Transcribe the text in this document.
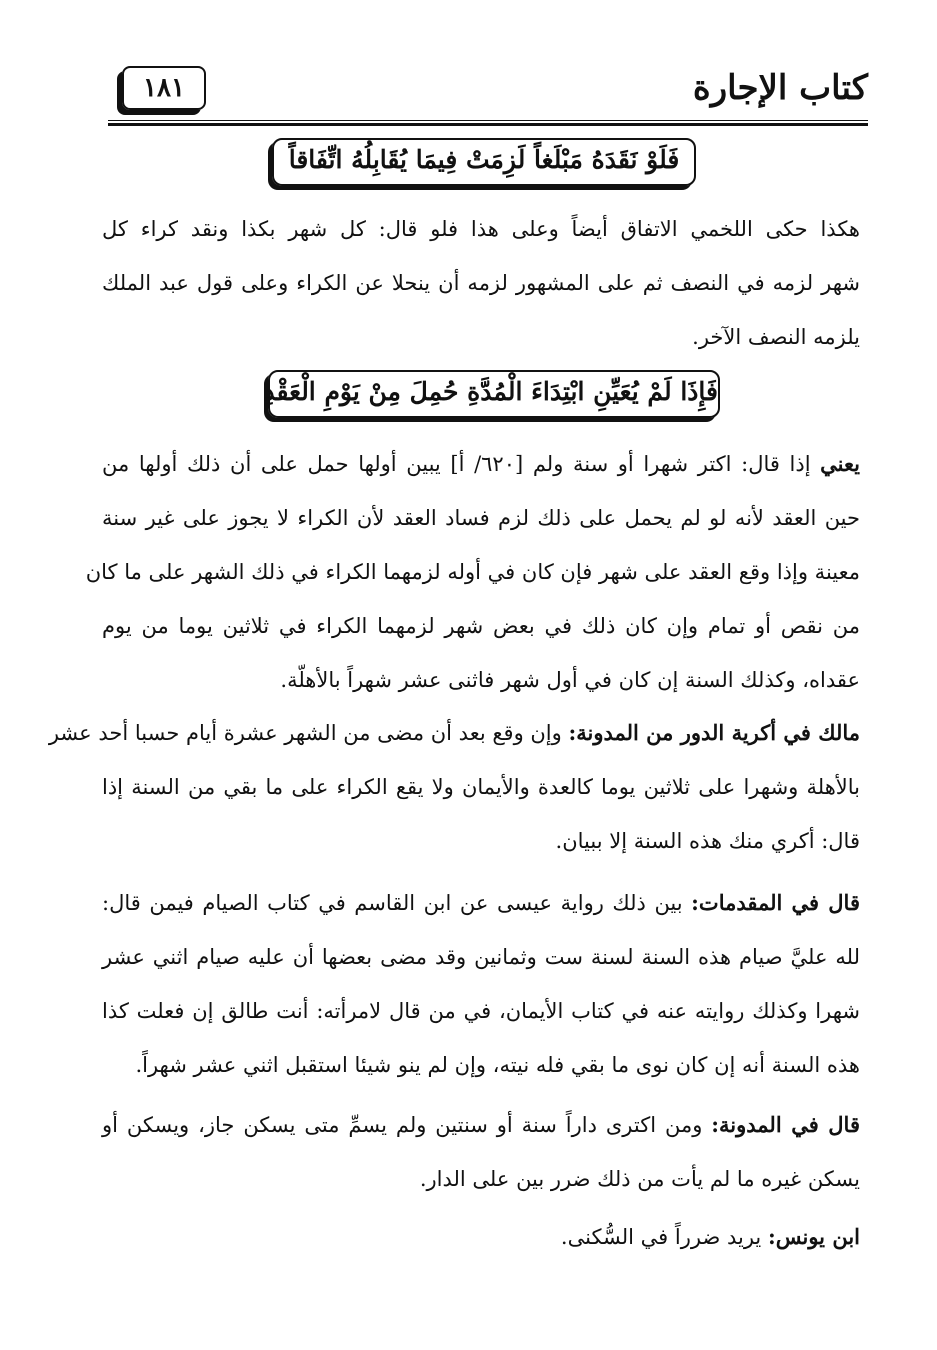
١٨١	كتاب الإجارة
فَلَوْ نَقَدَهُ مَبْلَغاً لَزِمَتْ فِيمَا يُقَابِلُهُ اتِّفَاقاً
هكذا حكى اللخمي الاتفاق أيضاً وعلى هذا فلو قال: كل شهر بكذا ونقد كراء كل
شهر لزمه في النصف ثم على المشهور لزمه أن ينحلا عن الكراء وعلى قول عبد الملك
يلزمه النصف الآخر.
فَإِذَا لَمْ يُعَيِّنِ ابْتِدَاءَ الْمُدَّةِ حُمِلَ مِنْ يَوْمِ الْعَقْدِ
يعني إذا قال: اكتر شهرا أو سنة ولم [٦٢٠/ أ] يبين أولها حمل على أن ذلك أولها من
حين العقد لأنه لو لم يحمل على ذلك لزم فساد العقد لأن الكراء لا يجوز على غير سنة
معينة وإذا وقع العقد على شهر فإن كان في أوله لزمهما الكراء في ذلك الشهر على ما كان
من نقص أو تمام وإن كان ذلك في بعض شهر لزمهما الكراء في ثلاثين يوما من يوم
عقداه، وكذلك السنة إن كان في أول شهر فاثنى عشر شهراً بالأهلّة.
مالك في أكرية الدور من المدونة: وإن وقع بعد أن مضى من الشهر عشرة أيام حسبا أحد عشر
بالأهلة وشهرا على ثلاثين يوما كالعدة والأيمان ولا يقع الكراء على ما بقي من السنة إذا
قال: أكري منك هذه السنة إلا ببيان.
قال في المقدمات: بين ذلك رواية عيسى عن ابن القاسم في كتاب الصيام فيمن قال:
لله عليَّ صيام هذه السنة لسنة ست وثمانين وقد مضى بعضها أن عليه صيام اثني عشر
شهرا وكذلك روايته عنه في كتاب الأيمان، في من قال لامرأته: أنت طالق إن فعلت كذا
هذه السنة أنه إن كان نوى ما بقي فله نيته، وإن لم ينو شيئا استقبل اثني عشر شهراً.
قال في المدونة: ومن اكترى داراً سنة أو سنتين ولم يسمِّ متى يسكن جاز، ويسكن أو
يسكن غيره ما لم يأت من ذلك ضرر بين على الدار.
ابن يونس: يريد ضرراً في السُّكنى.
